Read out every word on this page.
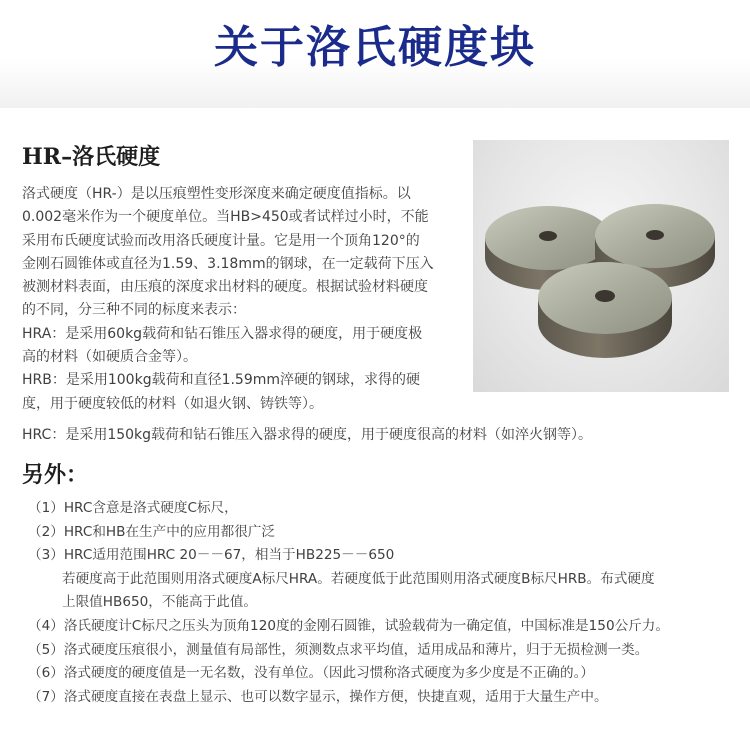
关于洛氏硬度块
HR–洛氏硬度
洛式硬度（HR-）是以压痕塑性变形深度来确定硬度值指标。以
0.002毫米作为一个硬度单位。当HB>450或者试样过小时，不能
采用布氏硬度试验而改用洛氏硬度计量。它是用一个顶角120°的
金刚石圆锥体或直径为1.59、3.18mm的钢球，在一定载荷下压入
被测材料表面，由压痕的深度求出材料的硬度。根据试验材料硬度
的不同，分三种不同的标度来表示：
HRA：是采用60kg载荷和钻石锥压入器求得的硬度，用于硬度极
高的材料（如硬质合金等）。
HRB：是采用100kg载荷和直径1.59mm淬硬的钢球，求得的硬
度，用于硬度较低的材料（如退火钢、铸铁等）。
HRC：是采用150kg载荷和钻石锥压入器求得的硬度，用于硬度很高的材料（如淬火钢等）。
另外：
（1）HRC含意是洛式硬度C标尺，
（2）HRC和HB在生产中的应用都很广泛
（3）HRC适用范围HRC 20－－67，相当于HB225－－650
若硬度高于此范围则用洛式硬度A标尺HRA。若硬度低于此范围则用洛式硬度B标尺HRB。布式硬度
上限值HB650，不能高于此值。
（4）洛氏硬度计C标尺之压头为顶角120度的金刚石圆锥，试验载荷为一确定值，中国标准是150公斤力。
（5）洛式硬度压痕很小，测量值有局部性，须测数点求平均值，适用成品和薄片，归于无损检测一类。
（6）洛式硬度的硬度值是一无名数，没有单位。（因此习惯称洛式硬度为多少度是不正确的。）
（7）洛式硬度直接在表盘上显示、也可以数字显示，操作方便，快捷直观，适用于大量生产中。
